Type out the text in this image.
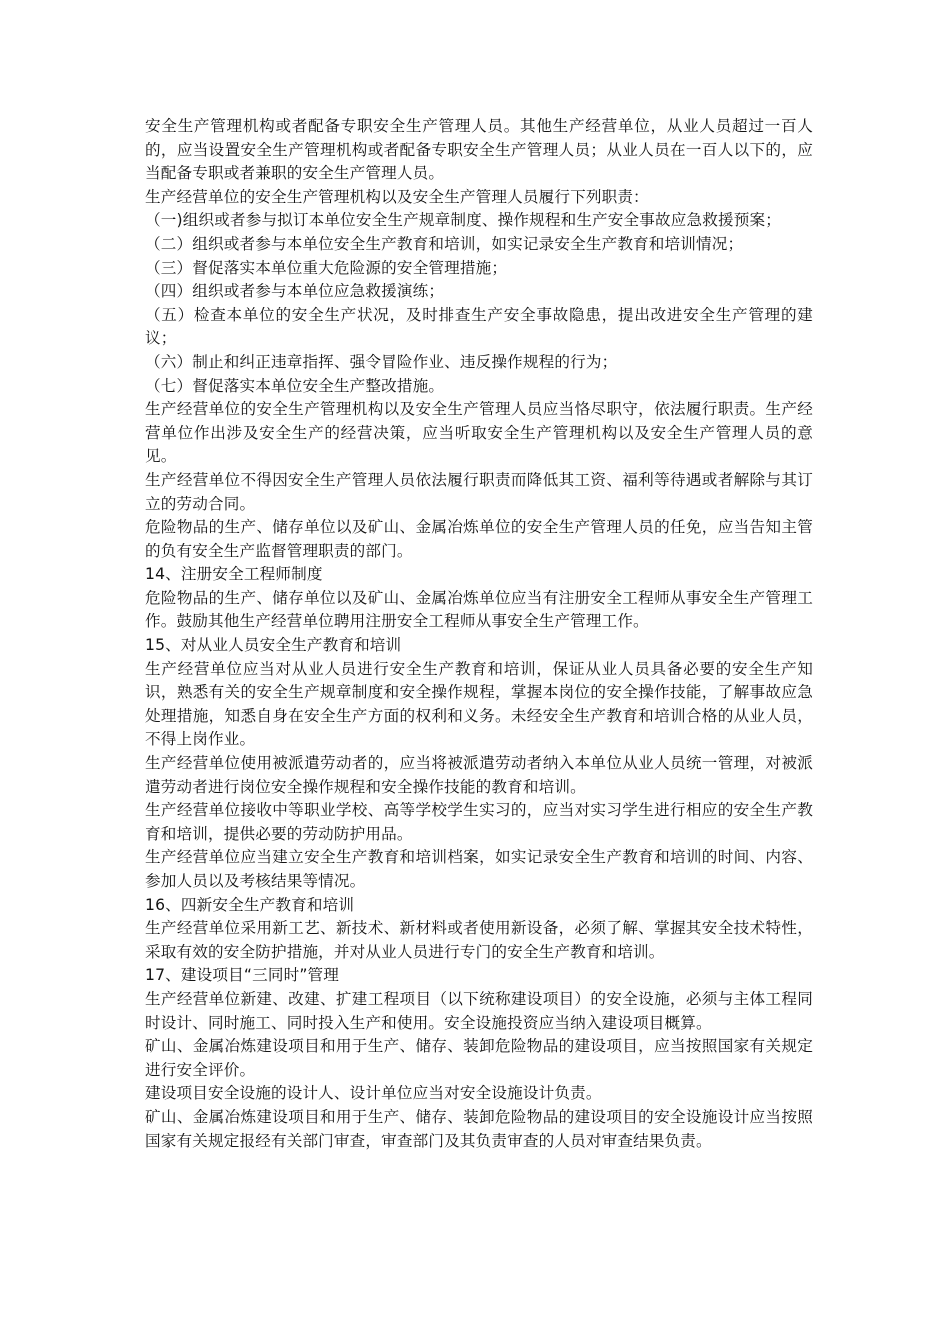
安全生产管理机构或者配备专职安全生产管理人员。其他生产经营单位，从业人员超过一百人的，应当设置安全生产管理机构或者配备专职安全生产管理人员；从业人员在一百人以下的，应当配备专职或者兼职的安全生产管理人员。

生产经营单位的安全生产管理机构以及安全生产管理人员履行下列职责：

（一)组织或者参与拟订本单位安全生产规章制度、操作规程和生产安全事故应急救援预案；

（二）组织或者参与本单位安全生产教育和培训，如实记录安全生产教育和培训情况；

（三）督促落实本单位重大危险源的安全管理措施；

（四）组织或者参与本单位应急救援演练；

（五）检查本单位的安全生产状况，及时排查生产安全事故隐患，提出改进安全生产管理的建议；

（六）制止和纠正违章指挥、强令冒险作业、违反操作规程的行为；

（七）督促落实本单位安全生产整改措施。

生产经营单位的安全生产管理机构以及安全生产管理人员应当恪尽职守，依法履行职责。生产经营单位作出涉及安全生产的经营决策，应当听取安全生产管理机构以及安全生产管理人员的意见。

生产经营单位不得因安全生产管理人员依法履行职责而降低其工资、福利等待遇或者解除与其订立的劳动合同。

危险物品的生产、储存单位以及矿山、金属冶炼单位的安全生产管理人员的任免，应当告知主管的负有安全生产监督管理职责的部门。

14、注册安全工程师制度

危险物品的生产、储存单位以及矿山、金属冶炼单位应当有注册安全工程师从事安全生产管理工作。鼓励其他生产经营单位聘用注册安全工程师从事安全生产管理工作。

15、对从业人员安全生产教育和培训

生产经营单位应当对从业人员进行安全生产教育和培训，保证从业人员具备必要的安全生产知识，熟悉有关的安全生产规章制度和安全操作规程，掌握本岗位的安全操作技能，了解事故应急处理措施，知悉自身在安全生产方面的权利和义务。未经安全生产教育和培训合格的从业人员，不得上岗作业。

生产经营单位使用被派遣劳动者的，应当将被派遣劳动者纳入本单位从业人员统一管理，对被派遣劳动者进行岗位安全操作规程和安全操作技能的教育和培训。

生产经营单位接收中等职业学校、高等学校学生实习的，应当对实习学生进行相应的安全生产教育和培训，提供必要的劳动防护用品。

生产经营单位应当建立安全生产教育和培训档案，如实记录安全生产教育和培训的时间、内容、参加人员以及考核结果等情况。

16、四新安全生产教育和培训

生产经营单位采用新工艺、新技术、新材料或者使用新设备，必须了解、掌握其安全技术特性，采取有效的安全防护措施，并对从业人员进行专门的安全生产教育和培训。

17、建设项目“三同时”管理

生产经营单位新建、改建、扩建工程项目（以下统称建设项目）的安全设施，必须与主体工程同时设计、同时施工、同时投入生产和使用。安全设施投资应当纳入建设项目概算。

矿山、金属冶炼建设项目和用于生产、储存、装卸危险物品的建设项目，应当按照国家有关规定进行安全评价。

建设项目安全设施的设计人、设计单位应当对安全设施设计负责。

矿山、金属冶炼建设项目和用于生产、储存、装卸危险物品的建设项目的安全设施设计应当按照国家有关规定报经有关部门审查，审查部门及其负责审查的人员对审查结果负责。
